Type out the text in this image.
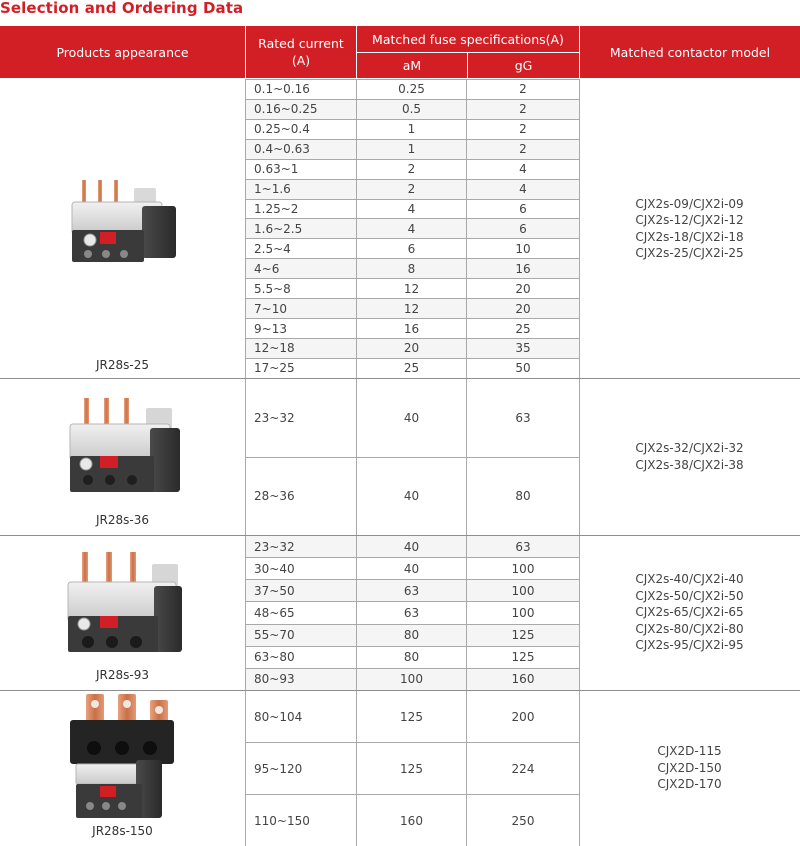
Selection and Ordering Data
Products appearance
Rated current
(A)
Matched fuse specifications(A)
aM	gG
Matched contactor model
0.1~0.16	0.25	2
0.16~0.25	0.5	2
0.25~0.4	1	2
0.4~0.63	1	2
0.63~1	2	4
1~1.6	2	4
1.25~2	4	6
1.6~2.5	4	6
2.5~4	6	10
4~6	8	16
5.5~8	12	20
7~10	12	20
9~13	16	25
12~18	20	35
17~25	25	50
JR28s-25
CJX2s-09/CJX2i-09
CJX2s-12/CJX2i-12
CJX2s-18/CJX2i-18
CJX2s-25/CJX2i-25
23~32	40	63
28~36	40	80
JR28s-36
CJX2s-32/CJX2i-32
CJX2s-38/CJX2i-38
23~32	40	63
30~40	40	100
37~50	63	100
48~65	63	100
55~70	80	125
63~80	80	125
80~93	100	160
JR28s-93
CJX2s-40/CJX2i-40
CJX2s-50/CJX2i-50
CJX2s-65/CJX2i-65
CJX2s-80/CJX2i-80
CJX2s-95/CJX2i-95
80~104	125	200
95~120	125	224
110~150	160	250
JR28s-150
CJX2D-115
CJX2D-150
CJX2D-170
